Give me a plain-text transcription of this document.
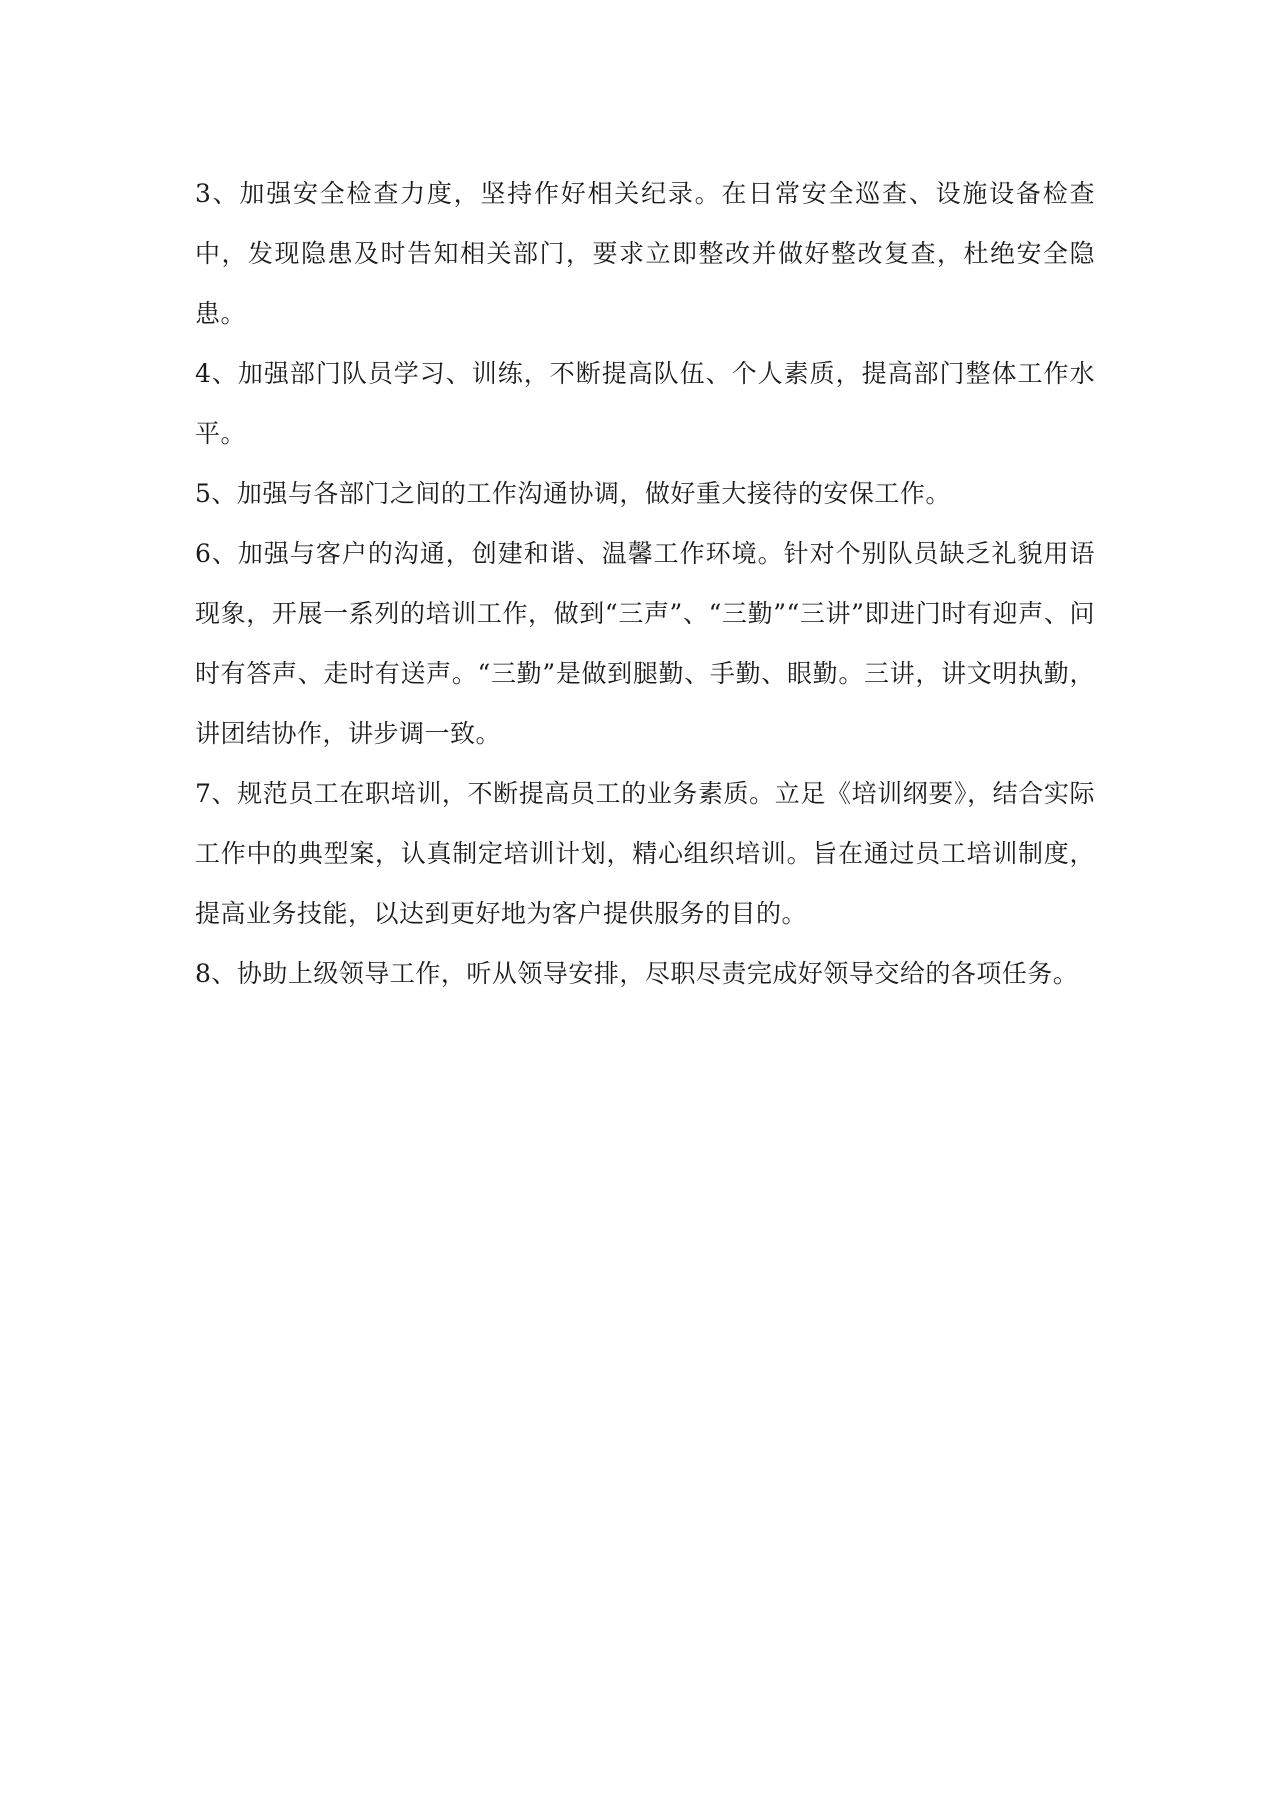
3、加强安全检查力度，坚持作好相关纪录。在日常安全巡查、设施设备检查中，发现隐患及时告知相关部门，要求立即整改并做好整改复查，杜绝安全隐患。

4、加强部门队员学习、训练，不断提高队伍、个人素质，提高部门整体工作水平。

5、加强与各部门之间的工作沟通协调，做好重大接待的安保工作。

6、加强与客户的沟通，创建和谐、温馨工作环境。针对个别队员缺乏礼貌用语现象，开展一系列的培训工作，做到“三声”、“三勤”“三讲”即进门时有迎声、问时有答声、走时有送声。“三勤”是做到腿勤、手勤、眼勤。三讲，讲文明执勤，讲团结协作，讲步调一致。

7、规范员工在职培训，不断提高员工的业务素质。立足《培训纲要》，结合实际工作中的典型案，认真制定培训计划，精心组织培训。旨在通过员工培训制度，提高业务技能，以达到更好地为客户提供服务的目的。

8、协助上级领导工作，听从领导安排，尽职尽责完成好领导交给的各项任务。
